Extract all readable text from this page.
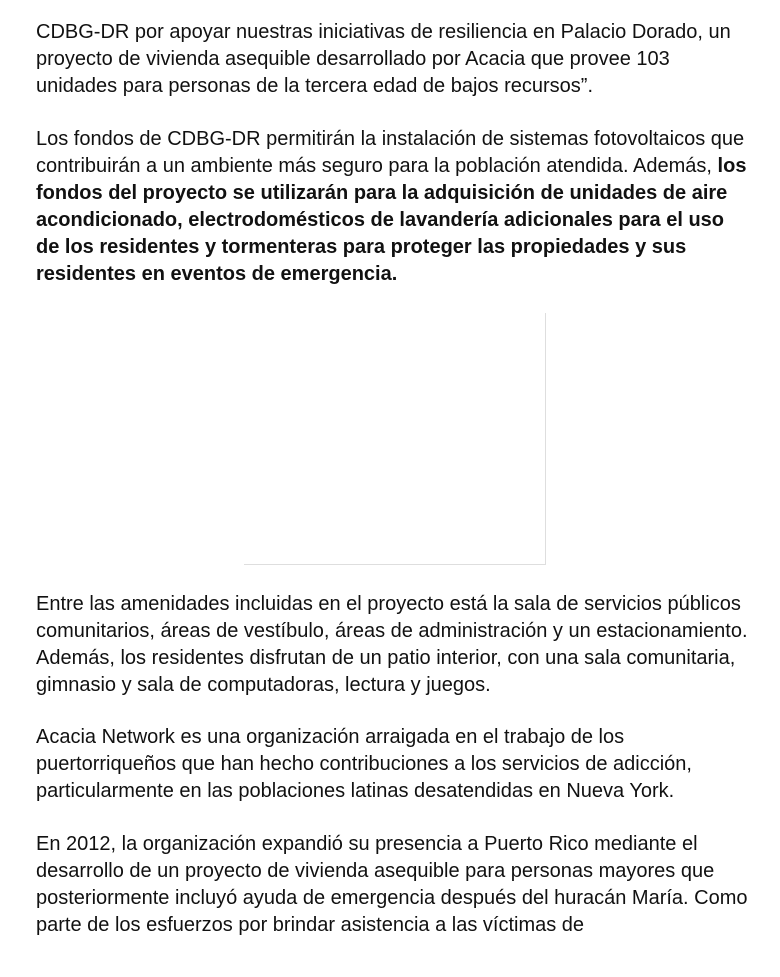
CDBG-DR por apoyar nuestras iniciativas de resiliencia en Palacio Dorado, un proyecto de vivienda asequible desarrollado por Acacia que provee 103 unidades para personas de la tercera edad de bajos recursos”.

Los fondos de CDBG-DR permitirán la instalación de sistemas fotovoltaicos que contribuirán a un ambiente más seguro para la población atendida. Además, los fondos del proyecto se utilizarán para la adquisición de unidades de aire acondicionado, electrodomésticos de lavandería adicionales para el uso de los residentes y tormenteras para proteger las propiedades y sus residentes en eventos de emergencia.

Entre las amenidades incluidas en el proyecto está la sala de servicios públicos comunitarios, áreas de vestíbulo, áreas de administración y un estacionamiento. Además, los residentes disfrutan de un patio interior, con una sala comunitaria, gimnasio y sala de computadoras, lectura y juegos.

Acacia Network es una organización arraigada en el trabajo de los puertorriqueños que han hecho contribuciones a los servicios de adicción, particularmente en las poblaciones latinas desatendidas en Nueva York.

En 2012, la organización expandió su presencia a Puerto Rico mediante el desarrollo de un proyecto de vivienda asequible para personas mayores que posteriormente incluyó ayuda de emergencia después del huracán María. Como parte de los esfuerzos por brindar asistencia a las víctimas de
